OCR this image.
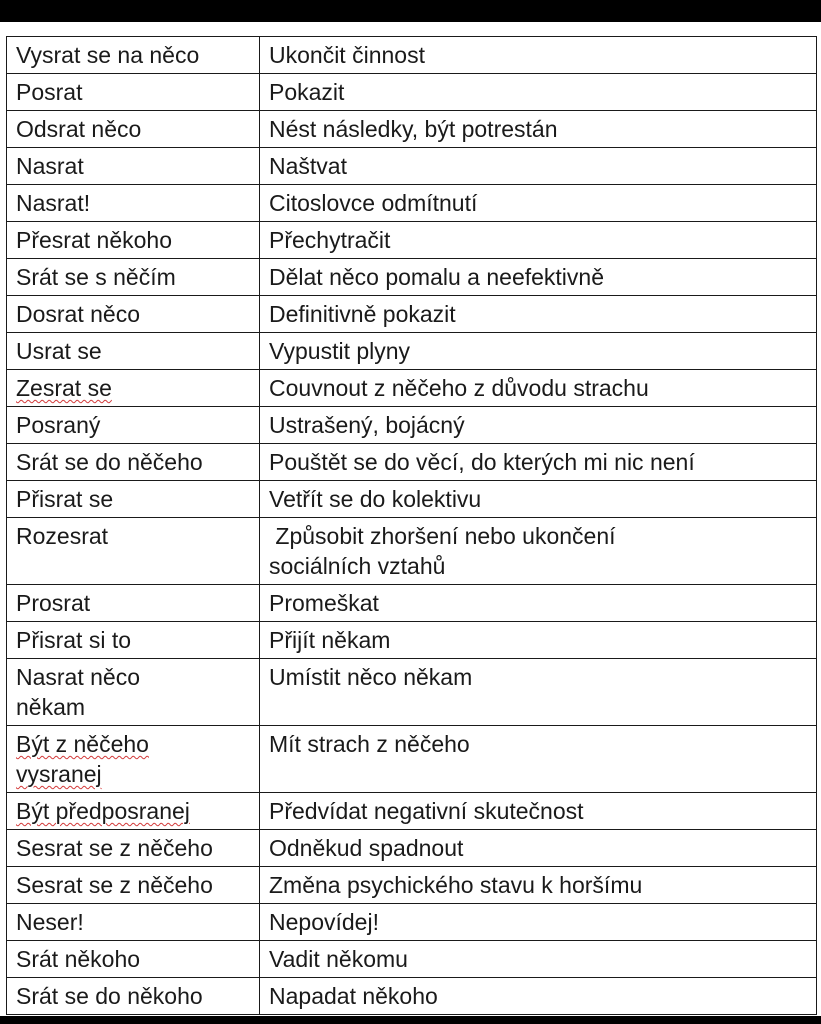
Vysrat se na něco	Ukončit činnost
Posrat	Pokazit
Odsrat něco	Nést následky, být potrestán
Nasrat	Naštvat
Nasrat!	Citoslovce odmítnutí
Přesrat někoho	Přechytračit
Srát se s něčím	Dělat něco pomalu a neefektivně
Dosrat něco	Definitivně pokazit
Usrat se	Vypustit plyny
Zesrat se	Couvnout z něčeho z důvodu strachu
Posraný	Ustrašený, bojácný
Srát se do něčeho	Pouštět se do věcí, do kterých mi nic není
Přisrat se	Vetřít se do kolektivu
Rozesrat	Způsobit zhoršení nebo ukončení sociálních vztahů
Prosrat	Promeškat
Přisrat si to	Přijít někam
Nasrat něco někam	Umístit něco někam
Být z něčeho vysranej	Mít strach z něčeho
Být předposranej	Předvídat negativní skutečnost
Sesrat se z něčeho	Odněkud spadnout
Sesrat se z něčeho	Změna psychického stavu k horšímu
Neser!	Nepovídej!
Srát někoho	Vadit někomu
Srát se do někoho	Napadat někoho
